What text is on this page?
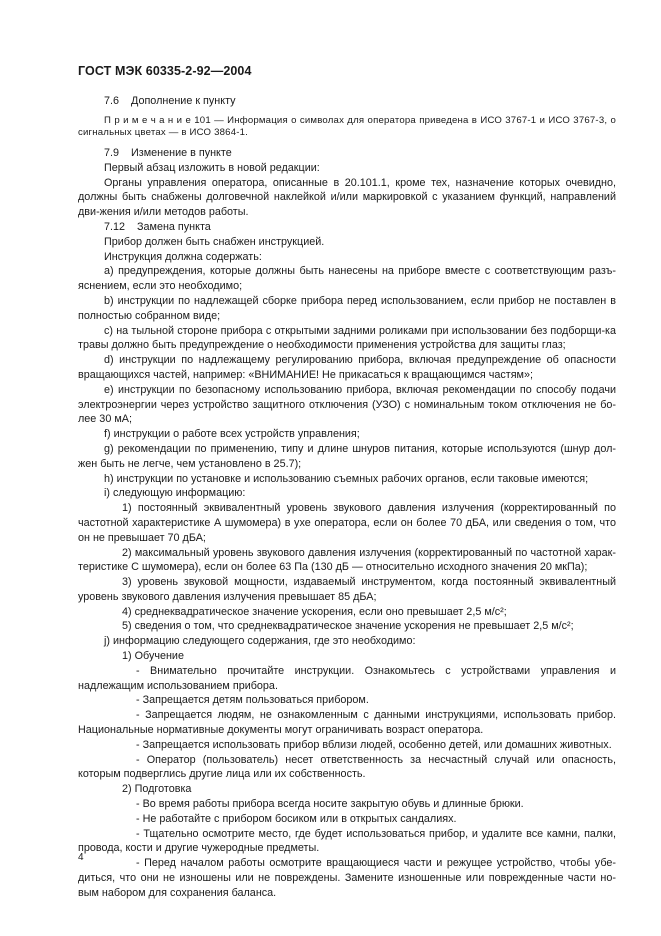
ГОСТ МЭК 60335-2-92—2004

7.6 Дополнение к пункту

П р и м е ч а н и е 101 — Информация о символах для оператора приведена в ИСО 3767-1 и ИСО 3767-3, о сигнальных цветах — в ИСО 3864-1.

7.9 Изменение в пункте

Первый абзац изложить в новой редакции:

Органы управления оператора, описанные в 20.101.1, кроме тех, назначение которых очевидно, должны быть снабжены долговечной наклейкой и/или маркировкой с указанием функций, направлений дви-жения и/или методов работы.

7.12 Замена пункта

Прибор должен быть снабжен инструкцией.

Инструкция должна содержать:

a) предупреждения, которые должны быть нанесены на приборе вместе с соответствующим разъ-яснением, если это необходимо;

b) инструкции по надлежащей сборке прибора перед использованием, если прибор не поставлен в полностью собранном виде;

c) на тыльной стороне прибора с открытыми задними роликами при использовании без подборщи-ка травы должно быть предупреждение о необходимости применения устройства для защиты глаз;

d) инструкции по надлежащему регулированию прибора, включая предупреждение об опасности вращающихся частей, например: «ВНИМАНИЕ! Не прикасаться к вращающимся частям»;

e) инструкции по безопасному использованию прибора, включая рекомендации по способу подачи электроэнергии через устройство защитного отключения (УЗО) с номинальным током отключения не бо-лее 30 мА;

f) инструкции о работе всех устройств управления;

g) рекомендации по применению, типу и длине шнуров питания, которые используются (шнур дол-жен быть не легче, чем установлено в 25.7);

h) инструкции по установке и использованию съемных рабочих органов, если таковые имеются;

i) следующую информацию:

1) постоянный эквивалентный уровень звукового давления излучения (корректированный по частотной характеристике А шумомера) в ухе оператора, если он более 70 дБА, или сведения о том, что он не превышает 70 дБА;

2) максимальный уровень звукового давления излучения (корректированный по частотной харак-теристике С шумомера), если он более 63 Па (130 дБ — относительно исходного значения 20 мкПа);

3) уровень звуковой мощности, издаваемый инструментом, когда постоянный эквивалентный уровень звукового давления излучения превышает 85 дБА;

4) среднеквадратическое значение ускорения, если оно превышает 2,5 м/с²;

5) сведения о том, что среднеквадратическое значение ускорения не превышает 2,5 м/с²;

j) информацию следующего содержания, где это необходимо:

1) Обучение

- Внимательно прочитайте инструкции. Ознакомьтесь с устройствами управления и надлежащим использованием прибора.

- Запрещается детям пользоваться прибором.

- Запрещается людям, не ознакомленным с данными инструкциями, использовать прибор. Национальные нормативные документы могут ограничивать возраст оператора.

- Запрещается использовать прибор вблизи людей, особенно детей, или домашних животных.

- Оператор (пользователь) несет ответственность за несчастный случай или опасность, которым подверглись другие лица или их собственность.

2) Подготовка

- Во время работы прибора всегда носите закрытую обувь и длинные брюки.

- Не работайте с прибором босиком или в открытых сандалиях.

- Тщательно осмотрите место, где будет использоваться прибор, и удалите все камни, палки, провода, кости и другие чужеродные предметы.

- Перед началом работы осмотрите вращающиеся части и режущее устройство, чтобы убе-диться, что они не изношены или не повреждены. Замените изношенные или поврежденные части но-вым набором для сохранения баланса.

4
